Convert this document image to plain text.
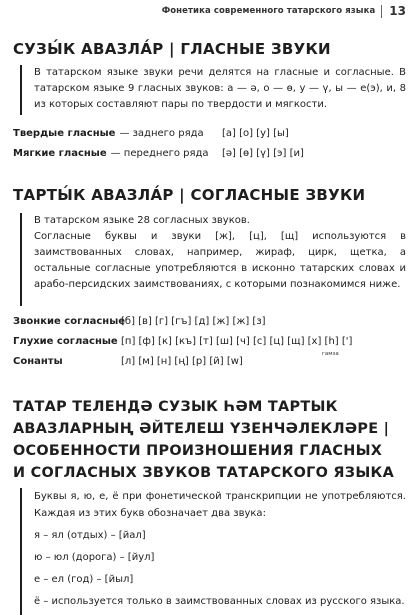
Фонетика современного татарского языка 13
СУЗЫ́К АВАЗЛА́Р | ГЛАСНЫЕ ЗВУКИ

В татарском языке звуки речи делятся на гласные и согласные. В татарском языке 9 гласных звуков: а — ә, о — ө, у — ү, ы — е(э), и, 8 из которых составляют пары по твердости и мягкости.

Твердые гласные — заднего ряда [а] [о] [у] [ы]
Мягкие гласные — переднего ряда [ә] [ө] [ү] [э] [и]
ТАРТЫ́К АВАЗЛА́Р | СОГЛАСНЫЕ ЗВУКИ

В татарском языке 28 согласных звуков.

Согласные буквы и звуки [ж], [ц], [щ] используются в заимствованных словах, например, жираф, цирк, щетка, а остальные согласные употребляются в исконно татарских словах и арабо-персидских заимствованиях, с которыми познакомимся ниже.

Звонкие согласные
[б] [в] [г] [гъ] [д] [ж] [ж] [з]
Глухие согласные [п] [ф] [к] [къ] [т] [ш] [ч] [с] [ц] [щ] [х] [h] [']
гамза
Сонанты	[л] [м] [н] [ң] [р] [й] [w]
ТАТАР ТЕЛЕНДӘ СУЗЫК ҺӘМ ТАРТЫК
АВАЗЛАРНЫҢ ӘЙТЕЛЕШ ҮЗЕНЧӘЛЕКЛӘРЕ |
ОСОБЕННОСТИ ПРОИЗНОШЕНИЯ ГЛАСНЫХ
И СОГЛАСНЫХ ЗВУКОВ ТАТАРСКОГО ЯЗЫКА

Буквы я, ю, е, ё при фонетической транскрипции не употребляются. Каждая из этих букв обозначает два звука:

я – ял (отдых) – [йал]

ю – юл (дорога) – [йул]

е – ел (год) – [йыл]

ё – используется только в заимствованных словах из русского языка.
